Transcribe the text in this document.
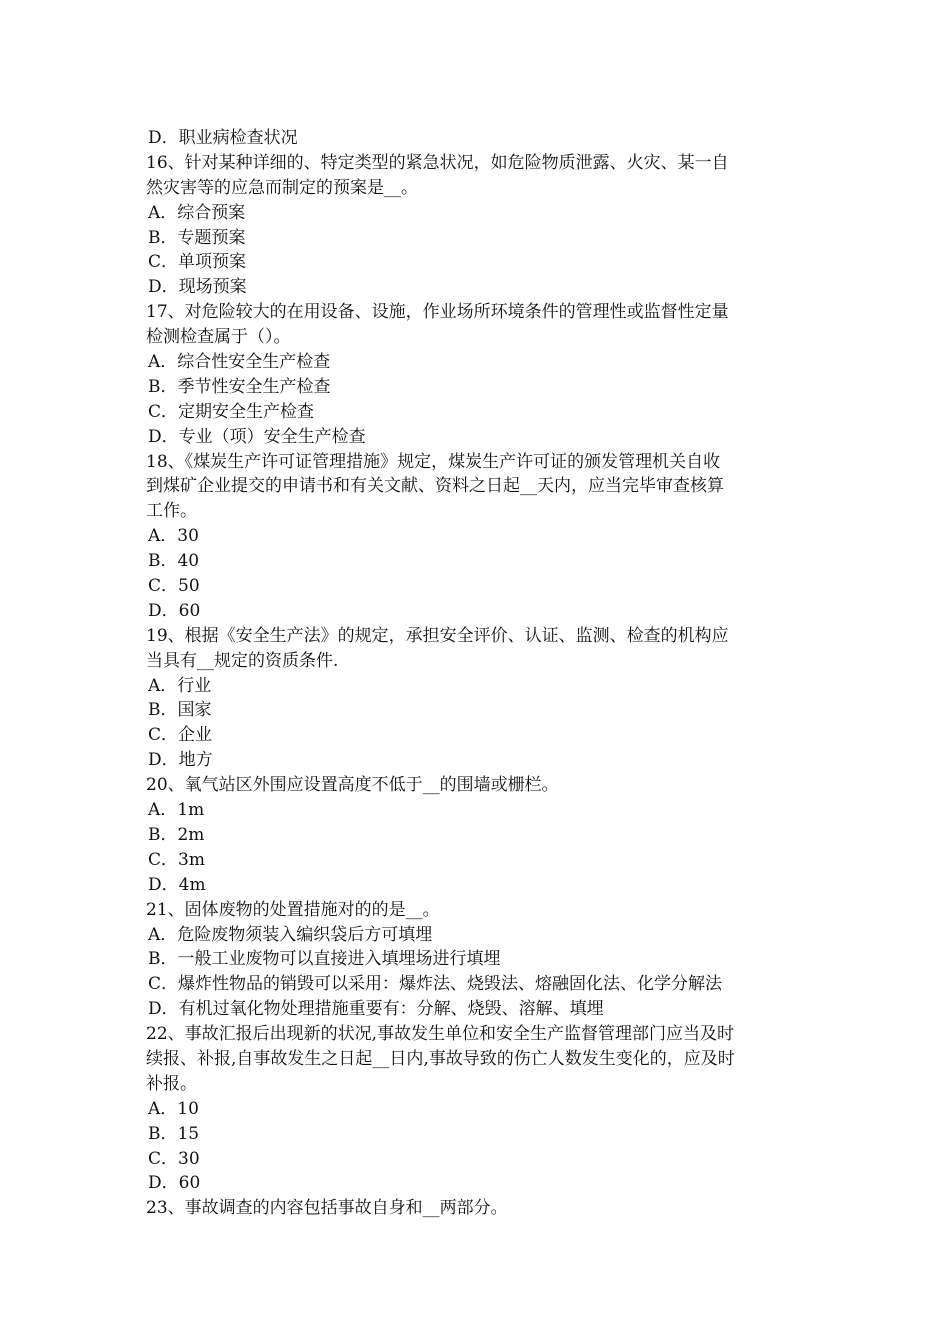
D．职业病检查状况
16、针对某种详细的、特定类型的紧急状况，如危险物质泄露、火灾、某一自
然灾害等的应急而制定的预案是__。
A．综合预案
B．专题预案
C．单项预案
D．现场预案
17、对危险较大的在用设备、设施，作业场所环境条件的管理性或监督性定量
检测检查属于（）。
A．综合性安全生产检查
B．季节性安全生产检查
C．定期安全生产检查
D．专业（项）安全生产检查
18、《煤炭生产许可证管理措施》规定，煤炭生产许可证的颁发管理机关自收
到煤矿企业提交的申请书和有关文献、资料之日起__天内，应当完毕审查核算
工作。
A．30
B．40
C．50
D．60
19、根据《安全生产法》的规定，承担安全评价、认证、监测、检查的机构应
当具有__规定的资质条件.
A．行业
B．国家
C．企业
D．地方
20、氧气站区外围应设置高度不低于__的围墙或栅栏。
A．1m
B．2m
C．3m
D．4m
21、固体废物的处置措施对的的是__。
A．危险废物须装入编织袋后方可填埋
B．一般工业废物可以直接进入填埋场进行填埋
C．爆炸性物品的销毁可以采用：爆炸法、烧毁法、熔融固化法、化学分解法
D．有机过氧化物处理措施重要有：分解、烧毁、溶解、填埋
22、事故汇报后出现新的状况,事故发生单位和安全生产监督管理部门应当及时
续报、补报,自事故发生之日起__日内,事故导致的伤亡人数发生变化的，应及时
补报。
A．10
B．15
C．30
D．60
23、事故调查的内容包括事故自身和__两部分。
